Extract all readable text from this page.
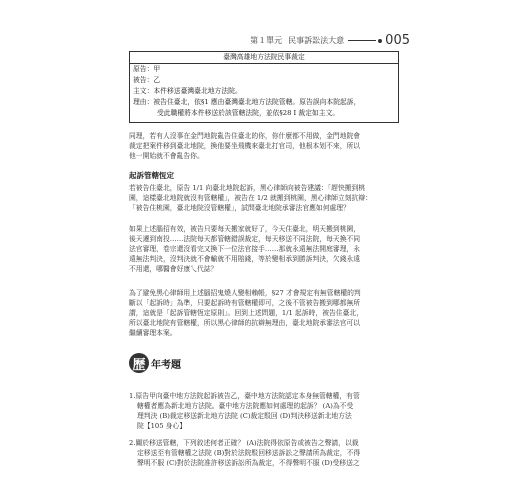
第１單元 民事訴訟法大意	005
臺灣高雄地方法院民事裁定
原告：甲
被告：乙
主文：本件移送臺灣臺北地方法院。
理由：被告住臺北，依§1 應由臺灣臺北地方法院管轄。原告誤向本院起訴，
受此職權將本件移送於該管轄法院，並依§28 I 裁定如主文。

同理，若有人沒事在金門地院亂告住臺北的你，你什麼都不用做，金門地院會

裁定把案件移到臺北地院，換他要坐飛機來臺北打官司，他根本划不來，所以

他一開始就不會亂告你。

起訴管轄恆定

若被告住臺北，原告 1/1 向臺北地院起訴，黑心律師向被告建議：「趕快搬到桃

園，這樣臺北地院就沒有管轄權」，被告在 1/2 就搬到桃園，黑心律師立刻抗辯：

「被告住桃園，臺北地院沒管轄權」，試問臺北地院承審法官應如何處理？

如果上述腦招有效，被告只要每天搬家就好了，今天住臺北，明天搬到桃園，

後天遷到南投……法院每天都管轄錯誤裁定，每天移送不同法院，每天換不同

法官審理，卷宗還沒看完又換下一位法官接手……那就永遠無法開庭審理，永

遠無法判決，沒判決就不會輸就不用賠錢，等於變相承到勝訴判決，欠錢永遠

不用還，哪醫會好康乀代誌？

為了避免黑心律師用上述腦招鬼燒人變相賴帳，§27 才會規定有無管轄權的判

斷以「起訴時」為準，只要起訴時有管轄權即可，之後不管被告搬到哪都無所

謂，這就是「起訴管轄恆定原則」。回到上述問題，1/1 起訴時，被告住臺北，

所以臺北地院有管轄權，所以黑心律師的抗辯無理由，臺北地院承審法官可以

繼續審理本案。

歷 年考題
1.原告甲向臺中地方法院起訴被告乙，臺中地方法院認定本身無管轄權，有管
轄權者應為新北地方法院。臺中地方法院應如何處理的起訴？ (A)為不受
理判決 (B)裁定移送新北地方法院 (C)裁定駁回 (D)判決移送新北地方法
院【105 身心】
2.關於移送管轄，下列敘述何者正確？ (A)法院得依原告或被告之聲請，以裁
定移送至有管轄權之法院 (B)對於法院駁回移送訴訟之聲請所為裁定，不得
聲明不服 (C)對於法院准許移送訴訟所為裁定，不得聲明不服 (D)受移送之
